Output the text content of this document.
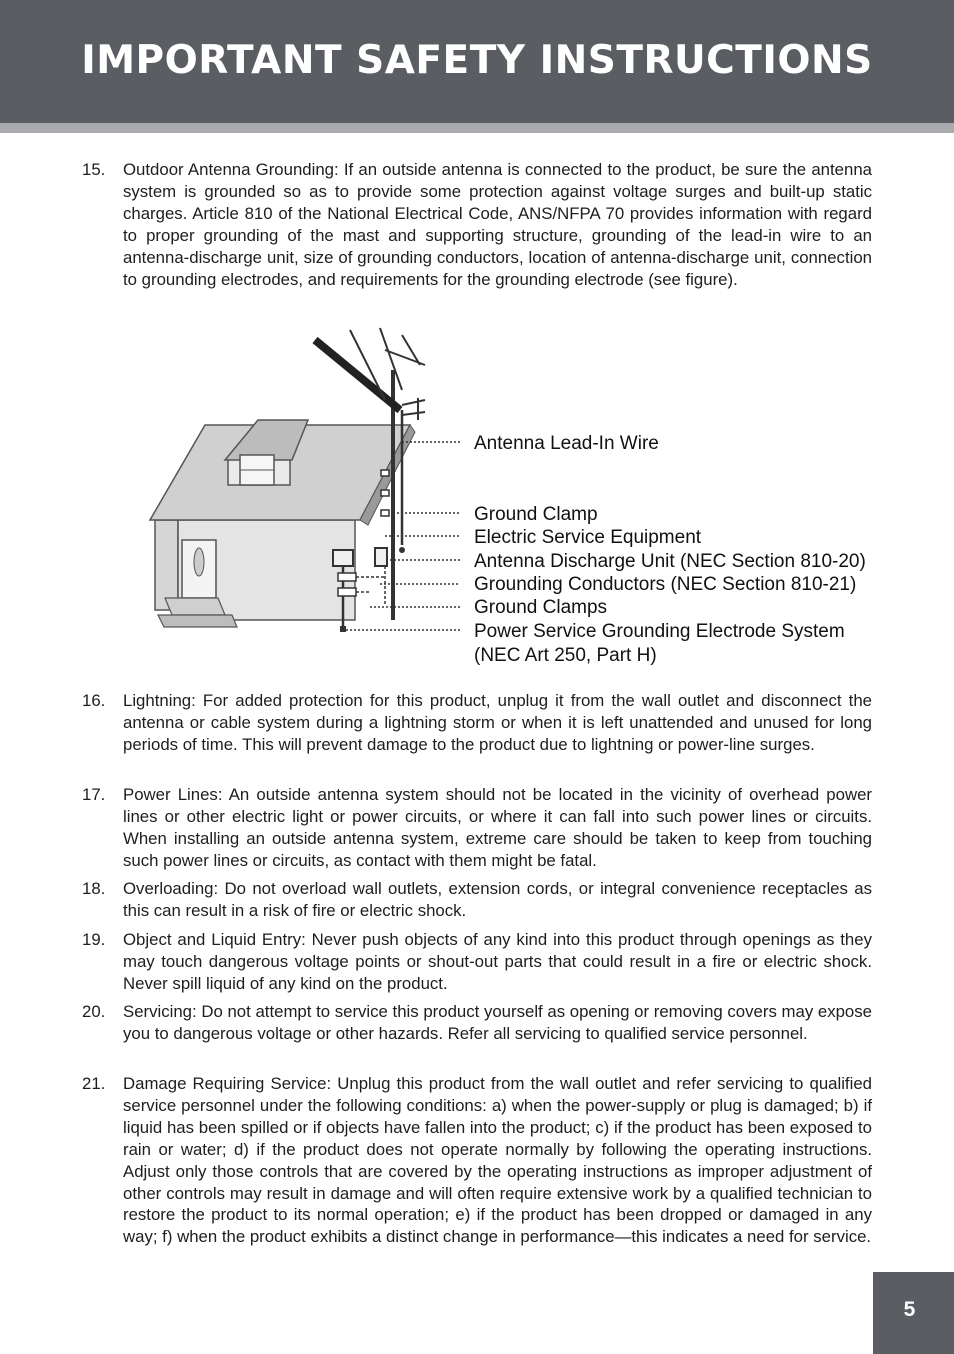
IMPORTANT SAFETY INSTRUCTIONS
15.	Outdoor Antenna Grounding: If an outside antenna is connected to the product, be sure the antenna system is grounded so as to provide some protection against voltage surges and built-up static charges. Article 810 of the National Electrical Code, ANS/NFPA 70 provides information with regard to proper grounding of the mast and supporting structure, grounding of the lead-in wire to an antenna-discharge unit, size of grounding conductors, location of antenna-discharge unit, connection to grounding electrodes, and requirements for the grounding electrode (see figure).
Antenna Lead-In Wire
Ground Clamp
Electric Service Equipment
Antenna Discharge Unit (NEC Section 810-20)
Grounding Conductors (NEC Section 810-21)
Ground Clamps
Power Service Grounding Electrode System
(NEC Art 250, Part H)
16.	Lightning: For added protection for this product, unplug it from the wall outlet and disconnect the antenna or cable system during a lightning storm or when it is left unattended and unused for long periods of time. This will prevent damage to the product due to lightning or power-line surges.
17.	Power Lines: An outside antenna system should not be located in the vicinity of overhead power lines or other electric light or power circuits, or where it can fall into such power lines or circuits. When installing an outside antenna system, extreme care should be taken to keep from touching such power lines or circuits, as contact with them might be fatal.
18.	Overloading: Do not overload wall outlets, extension cords, or integral convenience receptacles as this can result in a risk of fire or electric shock.
19.	Object and Liquid Entry: Never push objects of any kind into this product through openings as they may touch dangerous voltage points or shout-out parts that could result in a fire or electric shock. Never spill liquid of any kind on the product.
20.	Servicing: Do not attempt to service this product yourself as opening or removing covers may expose you to dangerous voltage or other hazards. Refer all servicing to qualified service personnel.
21.	Damage Requiring Service: Unplug this product from the wall outlet and refer servicing to qualified service personnel under the following conditions: a) when the power-supply or plug is damaged; b) if liquid has been spilled or if objects have fallen into the product; c) if the product has been exposed to rain or water; d) if the product does not operate normally by following the operating instructions. Adjust only those controls that are covered by the operating instructions as improper adjustment of other controls may result in damage and will often require extensive work by a qualified technician to restore the product to its normal operation; e) if the product has been dropped or damaged in any way; f) when the product exhibits a distinct change in performance—this indicates a need for service.
5
